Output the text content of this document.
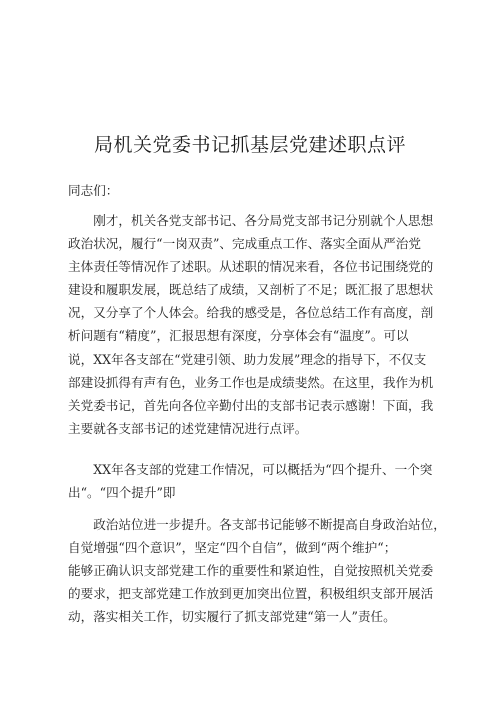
局机关党委书记抓基层党建述职点评
同志们：
　　刚才，机关各党支部书记、各分局党支部书记分别就个人思想
政治状况，履行“一岗双责”、完成重点工作、落实全面从严治党
主体责任等情况作了述职。从述职的情况来看，各位书记围绕党的
建设和履职发展，既总结了成绩，又剖析了不足；既汇报了思想状
况，又分享了个人体会。给我的感受是，各位总结工作有高度，剖
析问题有“精度”，汇报思想有深度，分享体会有“温度”。可以
说，XX年各支部在“党建引领、助力发展”理念的指导下，不仅支
部建设抓得有声有色，业务工作也是成绩斐然。在这里，我作为机
关党委书记，首先向各位辛勤付出的支部书记表示感谢！下面，我
主要就各支部书记的述党建情况进行点评。
　　XX年各支部的党建工作情况，可以概括为“四个提升、一个突
出“。“四个提升”即
　　政治站位进一步提升。各支部书记能够不断提高自身政治站位，
自觉增强“四个意识”，坚定“四个自信”，做到“两个维护“；
能够正确认识支部党建工作的重要性和紧迫性，自觉按照机关党委
的要求，把支部党建工作放到更加突出位置，积极组织支部开展活
动，落实相关工作，切实履行了抓支部党建“第一人”责任。
